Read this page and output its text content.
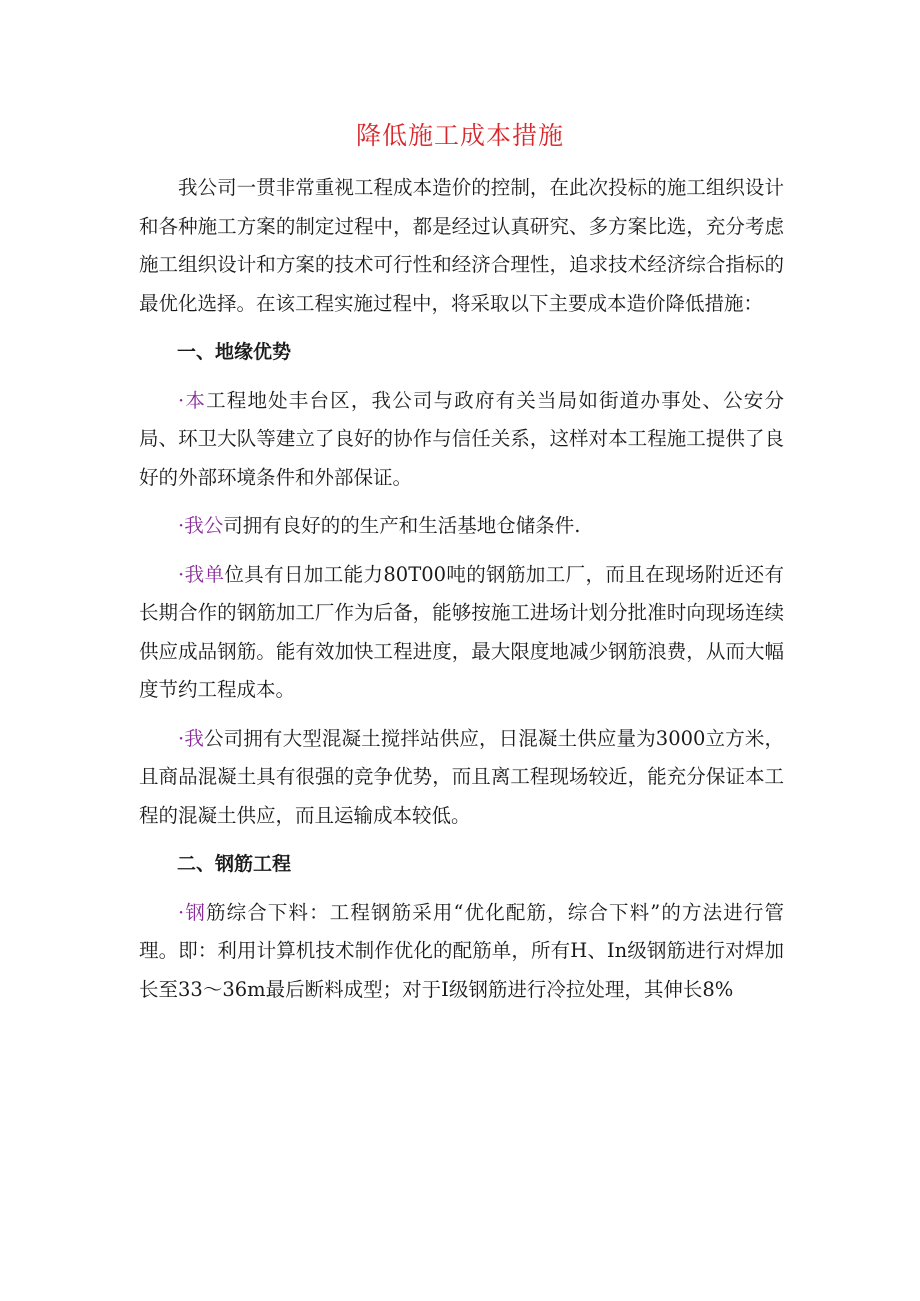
降低施工成本措施

我公司一贯非常重视工程成本造价的控制，在此次投标的施工组织设计和各种施工方案的制定过程中，都是经过认真研究、多方案比选，充分考虑施工组织设计和方案的技术可行性和经济合理性，追求技术经济综合指标的最优化选择。在该工程实施过程中，将采取以下主要成本造价降低措施：

一、地缘优势

·本工程地处丰台区，我公司与政府有关当局如街道办事处、公安分局、环卫大队等建立了良好的协作与信任关系，这样对本工程施工提供了良好的外部环境条件和外部保证。

·我公司拥有良好的的生产和生活基地仓储条件.

·我单位具有日加工能力80T00吨的钢筋加工厂，而且在现场附近还有长期合作的钢筋加工厂作为后备，能够按施工进场计划分批准时向现场连续供应成品钢筋。能有效加快工程进度，最大限度地减少钢筋浪费，从而大幅度节约工程成本。

·我公司拥有大型混凝土搅拌站供应，日混凝土供应量为3000立方米，且商品混凝土具有很强的竞争优势，而且离工程现场较近，能充分保证本工程的混凝土供应，而且运输成本较低。

二、钢筋工程

·钢筋综合下料：工程钢筋采用“优化配筋，综合下料”的方法进行管理。即：利用计算机技术制作优化的配筋单，所有H、In级钢筋进行对焊加长至33～36m最后断料成型；对于Ⅰ级钢筋进行冷拉处理，其伸长8%
